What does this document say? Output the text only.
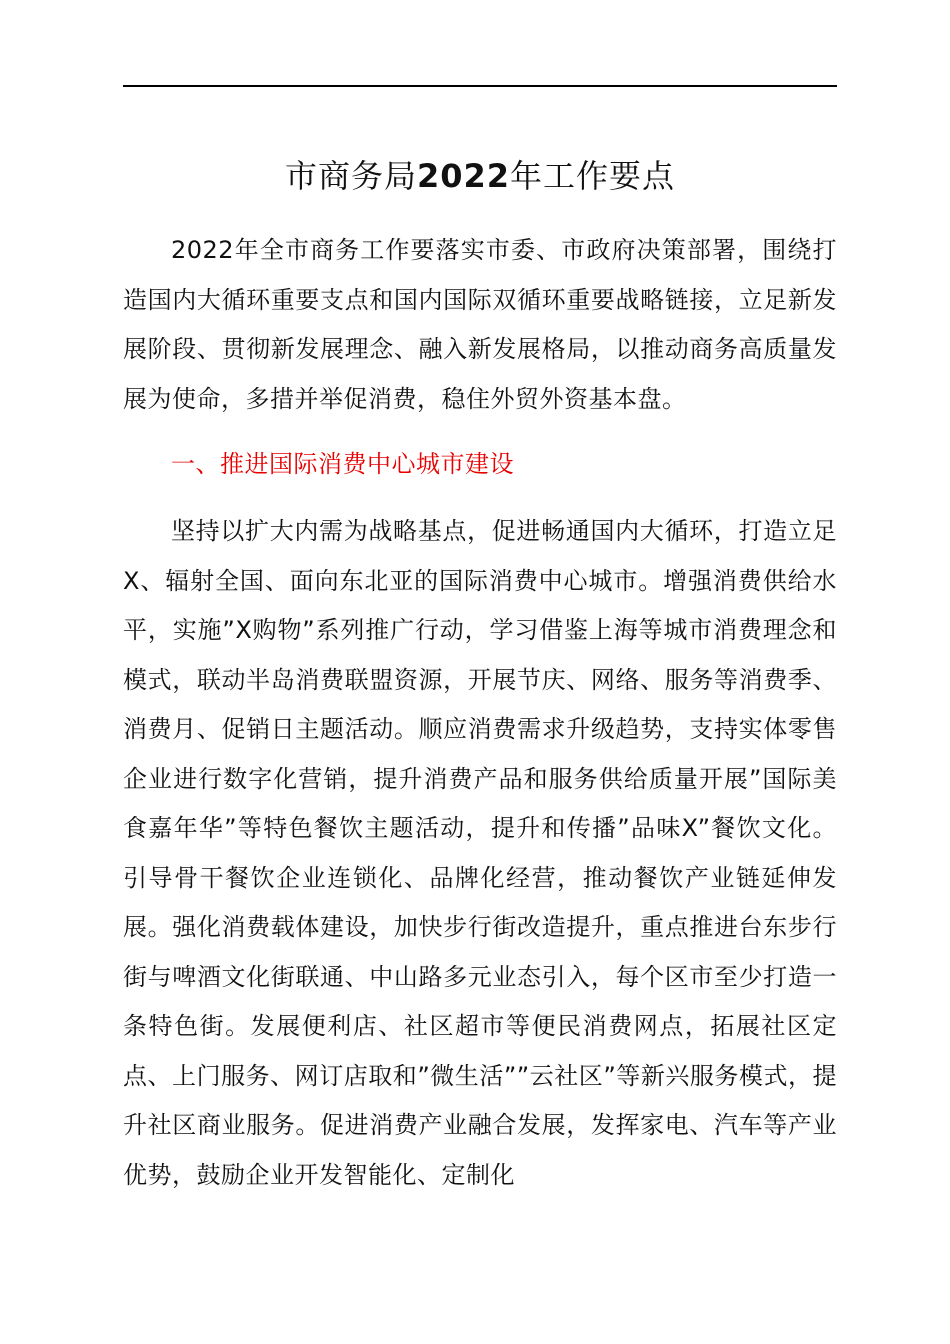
市商务局2022年工作要点

2022年全市商务工作要落实市委、市政府决策部署，围绕打造国内大循环重要支点和国内国际双循环重要战略链接，立足新发展阶段、贯彻新发展理念、融入新发展格局，以推动商务高质量发展为使命，多措并举促消费，稳住外贸外资基本盘。

一、推进国际消费中心城市建设

坚持以扩大内需为战略基点，促进畅通国内大循环，打造立足X、辐射全国、面向东北亚的国际消费中心城市。增强消费供给水平，实施”X购物”系列推广行动，学习借鉴上海等城市消费理念和模式，联动半岛消费联盟资源，开展节庆、网络、服务等消费季、消费月、促销日主题活动。顺应消费需求升级趋势，支持实体零售企业进行数字化营销，提升消费产品和服务供给质量开展”国际美食嘉年华”等特色餐饮主题活动，提升和传播”品味X”餐饮文化。引导骨干餐饮企业连锁化、品牌化经营，推动餐饮产业链延伸发展。强化消费载体建设，加快步行街改造提升，重点推进台东步行街与啤酒文化街联通、中山路多元业态引入，每个区市至少打造一条特色街。发展便利店、社区超市等便民消费网点，拓展社区定点、上门服务、网订店取和”微生活””云社区”等新兴服务模式，提升社区商业服务。促进消费产业融合发展，发挥家电、汽车等产业优势，鼓励企业开发智能化、定制化
